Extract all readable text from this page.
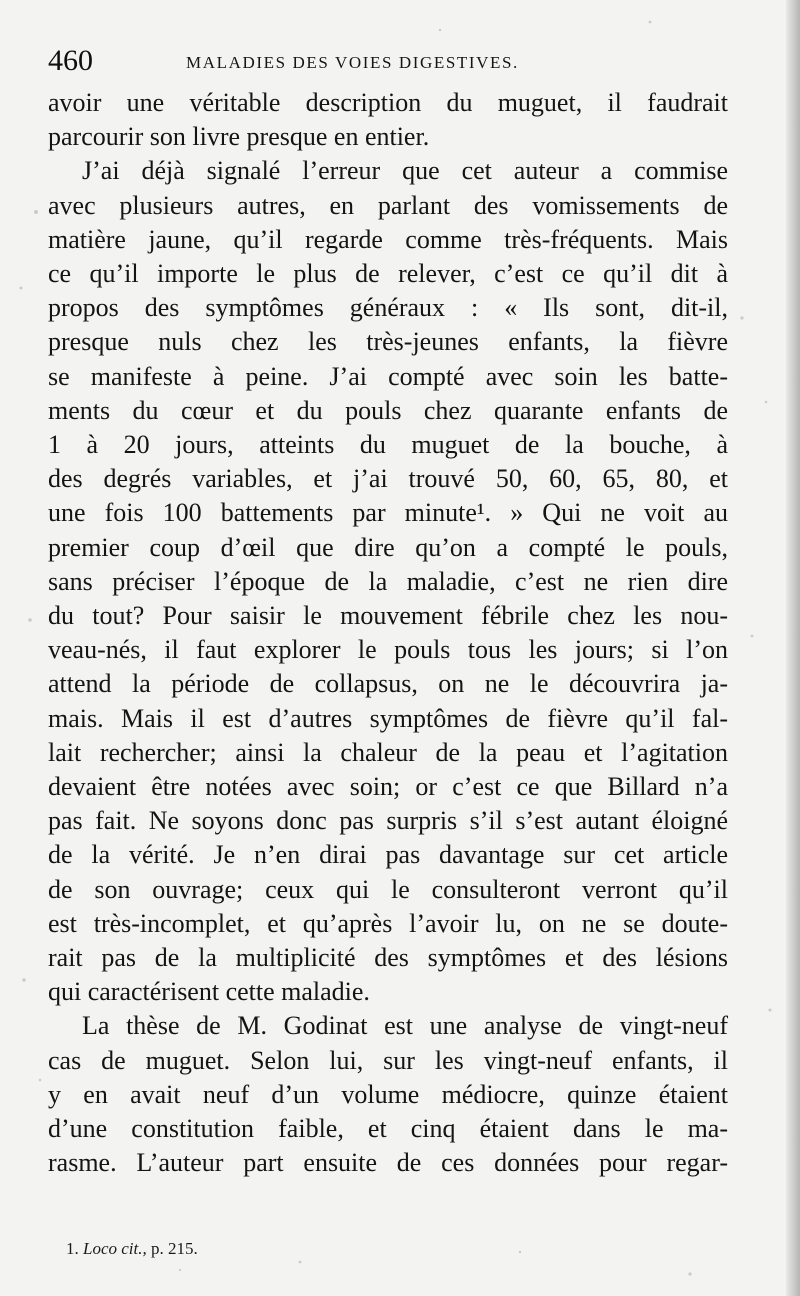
460	MALADIES DES VOIES DIGESTIVES.
avoir une véritable description du muguet, il faudrait
parcourir son livre presque en entier.
J’ai déjà signalé l’erreur que cet auteur a commise
avec plusieurs autres, en parlant des vomissements de
matière jaune, qu’il regarde comme très-fréquents. Mais
ce qu’il importe le plus de relever, c’est ce qu’il dit à
propos des symptômes généraux : « Ils sont, dit-il,
presque nuls chez les très-jeunes enfants, la fièvre
se manifeste à peine. J’ai compté avec soin les batte-
ments du cœur et du pouls chez quarante enfants de
1 à 20 jours, atteints du muguet de la bouche, à
des degrés variables, et j’ai trouvé 50, 60, 65, 80, et
une fois 100 battements par minute¹. » Qui ne voit au
premier coup d’œil que dire qu’on a compté le pouls,
sans préciser l’époque de la maladie, c’est ne rien dire
du tout? Pour saisir le mouvement fébrile chez les nou-
veau-nés, il faut explorer le pouls tous les jours; si l’on
attend la période de collapsus, on ne le découvrira ja-
mais. Mais il est d’autres symptômes de fièvre qu’il fal-
lait rechercher; ainsi la chaleur de la peau et l’agitation
devaient être notées avec soin; or c’est ce que Billard n’a
pas fait. Ne soyons donc pas surpris s’il s’est autant éloigné
de la vérité. Je n’en dirai pas davantage sur cet article
de son ouvrage; ceux qui le consulteront verront qu’il
est très-incomplet, et qu’après l’avoir lu, on ne se doute-
rait pas de la multiplicité des symptômes et des lésions
qui caractérisent cette maladie.
La thèse de M. Godinat est une analyse de vingt-neuf
cas de muguet. Selon lui, sur les vingt-neuf enfants, il
y en avait neuf d’un volume médiocre, quinze étaient
d’une constitution faible, et cinq étaient dans le ma-
rasme. L’auteur part ensuite de ces données pour regar-
1. Loco cit., p. 215.
